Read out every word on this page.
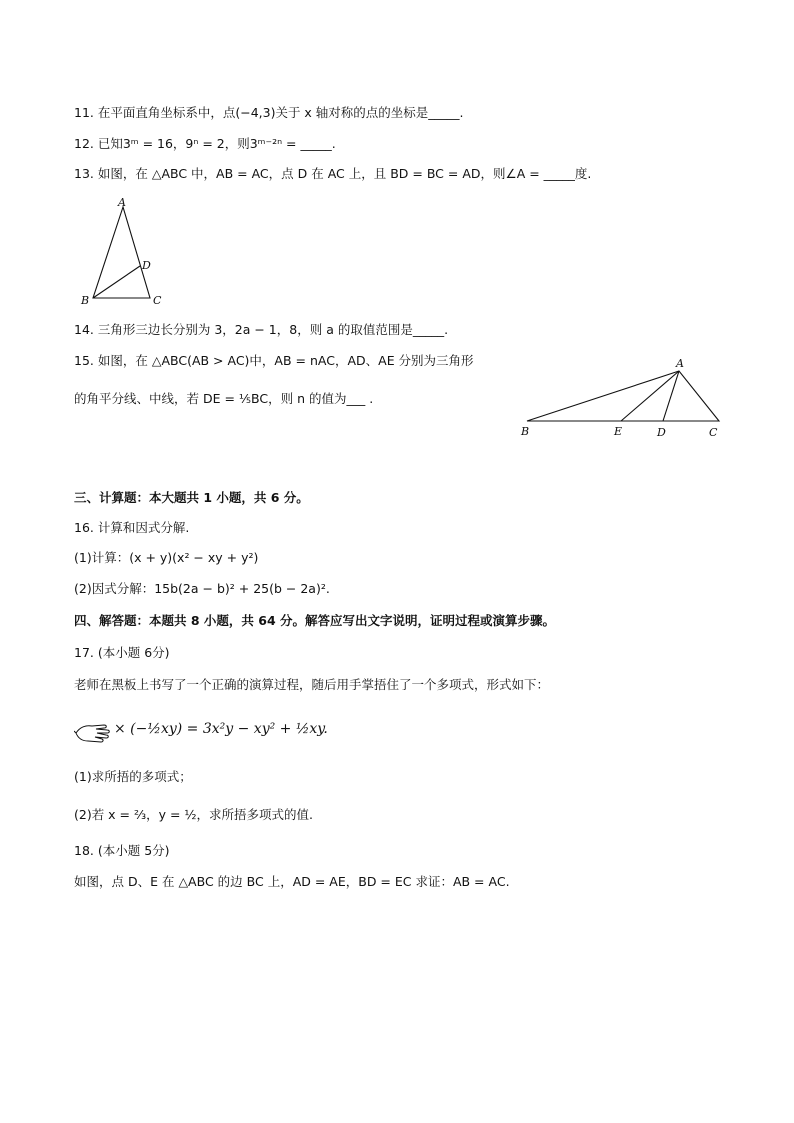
11. 在平面直角坐标系中，点(−4,3)关于 x 轴对称的点的坐标是_____.
12. 已知3ᵐ = 16，9ⁿ = 2，则3ᵐ⁻²ⁿ = _____.
13. 如图，在 △ABC 中，AB = AC，点 D 在 AC 上，且 BD = BC = AD，则∠A = _____度.
A
B	C
D
14. 三角形三边长分别为 3，2a − 1，8，则 a 的取值范围是_____.
15. 如图，在 △ABC(AB > AC)中，AB = nAC，AD、AE 分别为三角形
的角平分线、中线，若 DE = ⅕BC，则 n 的值为___ .
A
B	E	D	C
三、计算题：本大题共 1 小题，共 6 分。
16. 计算和因式分解.
(1)计算：(x + y)(x² − xy + y²)
(2)因式分解：15b(2a − b)² + 25(b − 2a)².
四、解答题：本题共 8 小题，共 64 分。解答应写出文字说明，证明过程或演算步骤。
17. (本小题 6分)
老师在黑板上书写了一个正确的演算过程，随后用手掌捂住了一个多项式，形式如下：
× (−½xy) = 3x²y − xy² + ½xy.
(1)求所捂的多项式；
(2)若 x = ⅔，y = ½，求所捂多项式的值.
18. (本小题 5分)
如图，点 D、E 在 △ABC 的边 BC 上，AD = AE，BD = EC 求证：AB = AC.
